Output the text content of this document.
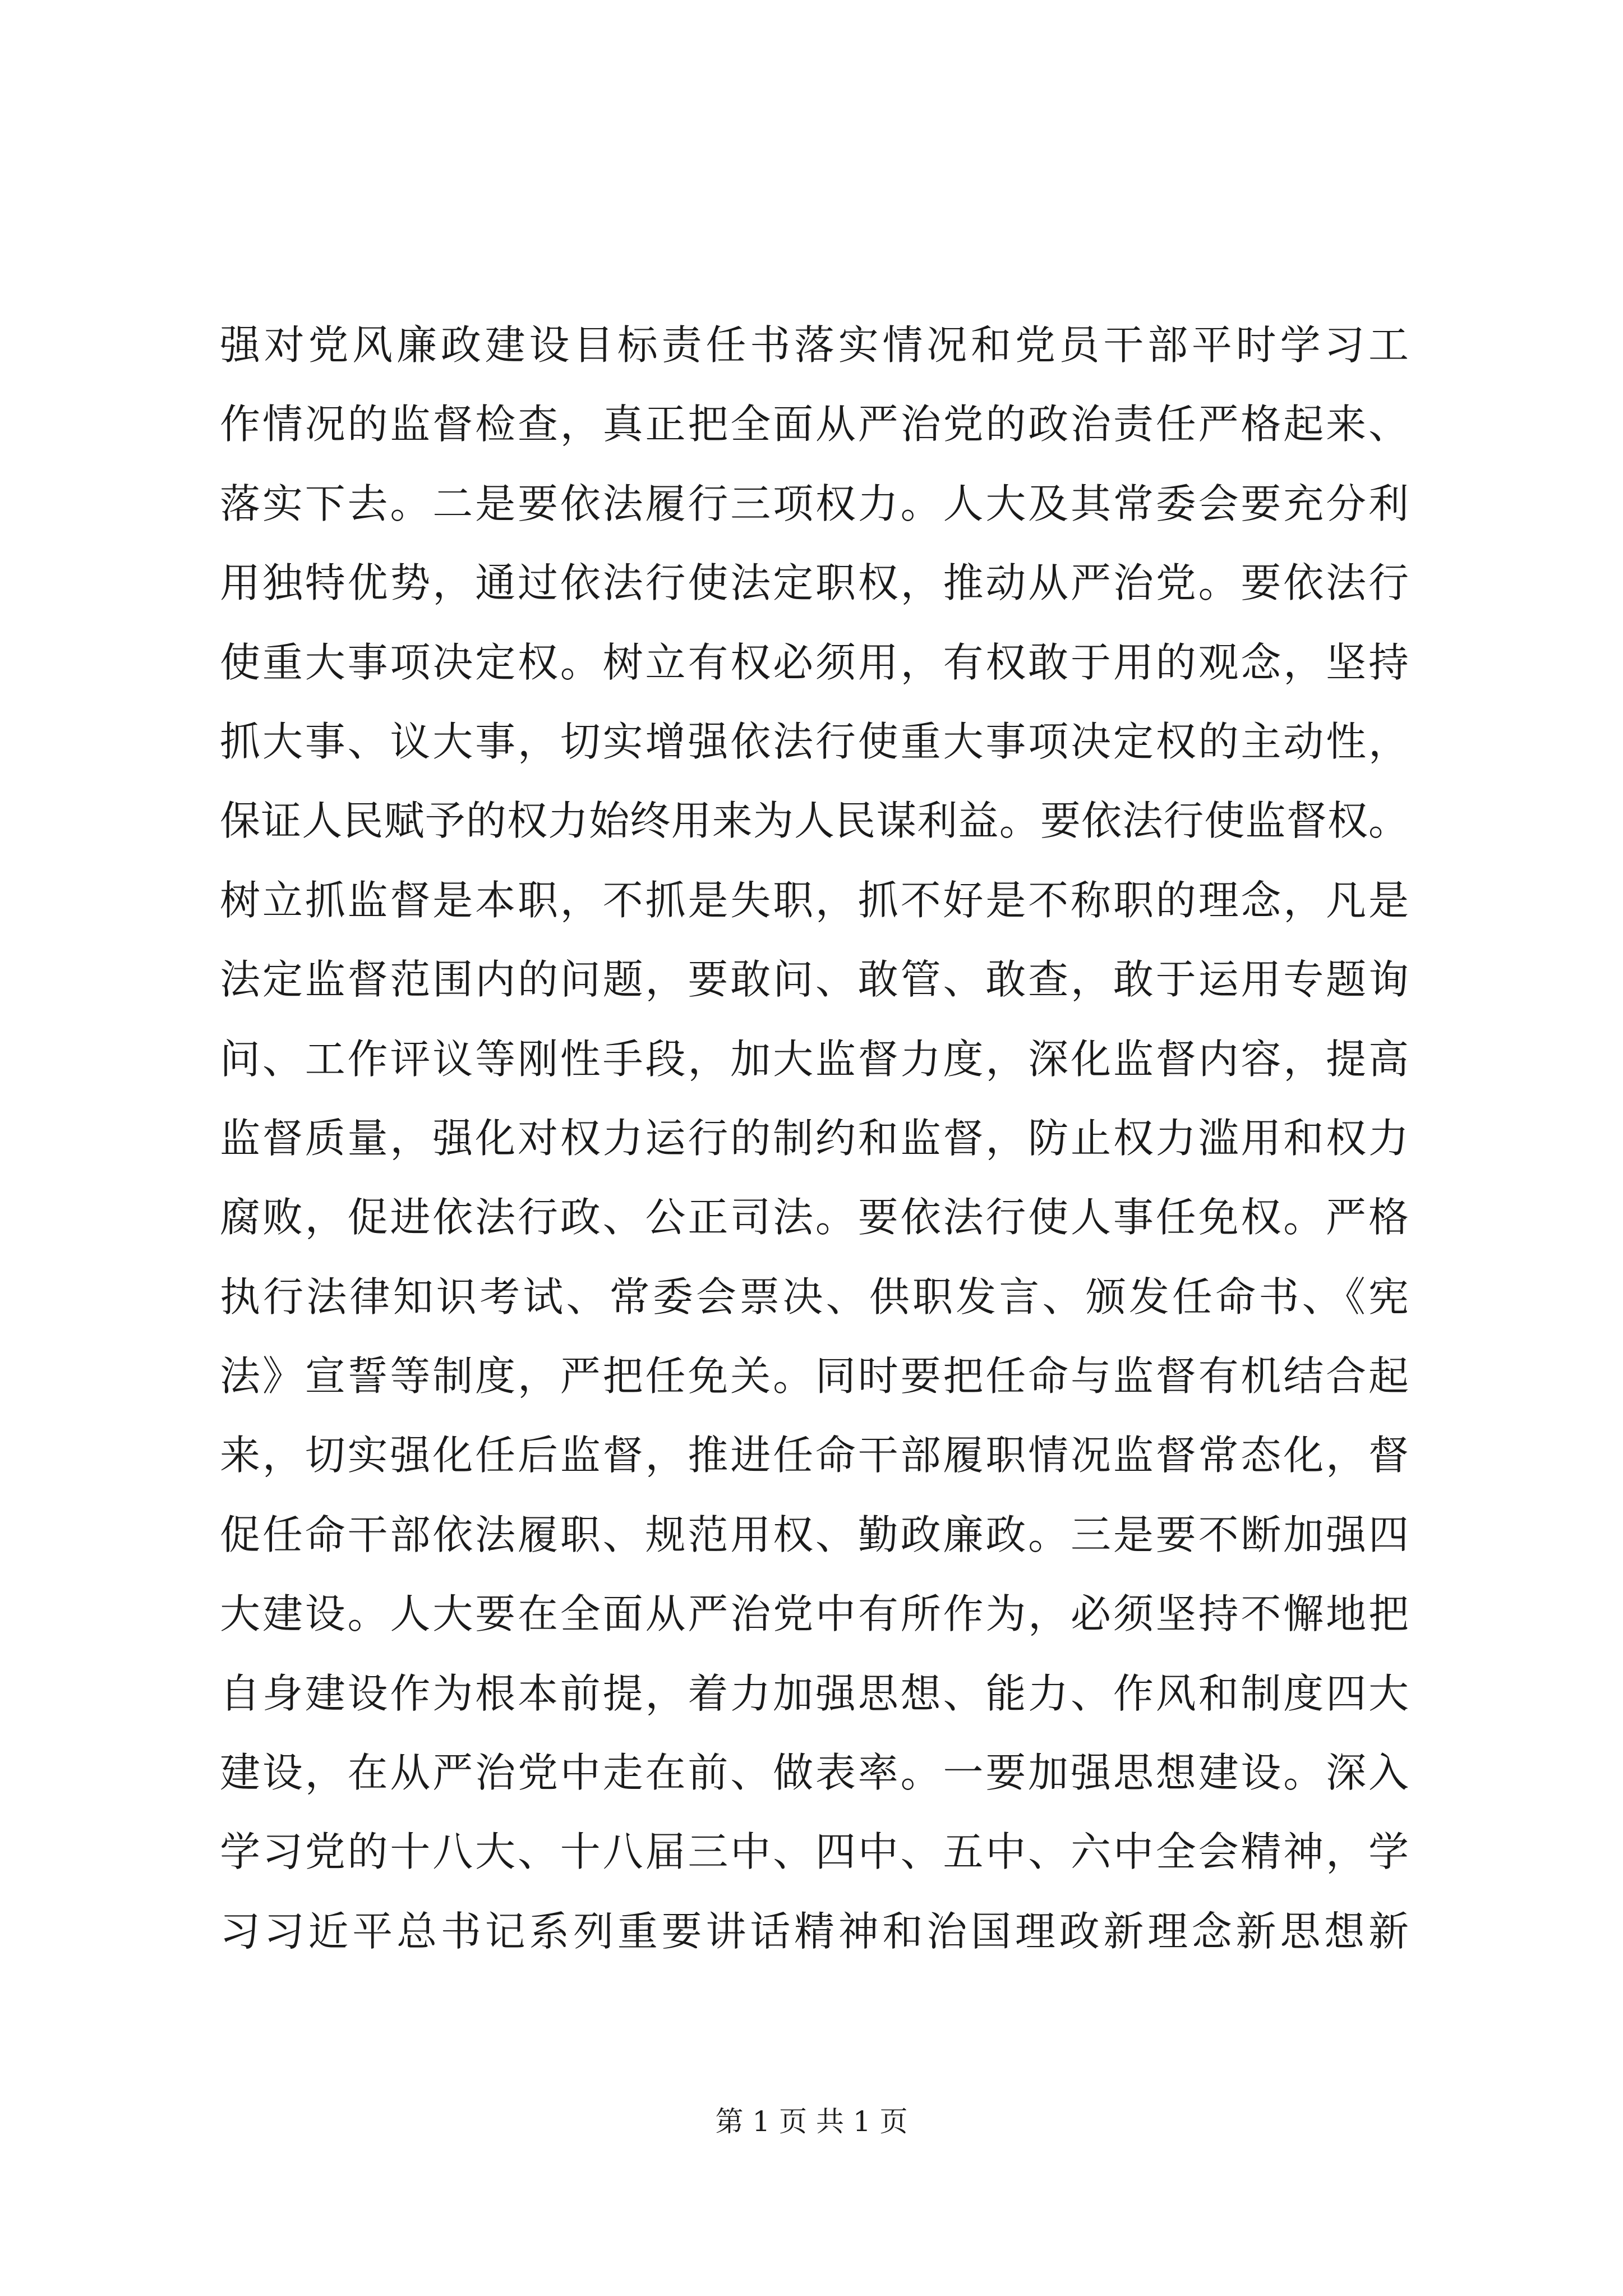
强对党风廉政建设目标责任书落实情况和党员干部平时学习工
作情况的监督检查，真正把全面从严治党的政治责任严格起来、
落实下去。二是要依法履行三项权力。人大及其常委会要充分利
用独特优势，通过依法行使法定职权，推动从严治党。要依法行
使重大事项决定权。树立有权必须用，有权敢于用的观念，坚持
抓大事、议大事，切实增强依法行使重大事项决定权的主动性，
保证人民赋予的权力始终用来为人民谋利益。要依法行使监督权。
树立抓监督是本职，不抓是失职，抓不好是不称职的理念，凡是
法定监督范围内的问题，要敢问、敢管、敢查，敢于运用专题询
问、工作评议等刚性手段，加大监督力度，深化监督内容，提高
监督质量，强化对权力运行的制约和监督，防止权力滥用和权力
腐败，促进依法行政、公正司法。要依法行使人事任免权。严格
执行法律知识考试、常委会票决、供职发言、颁发任命书、《宪
法》宣誓等制度，严把任免关。同时要把任命与监督有机结合起
来，切实强化任后监督，推进任命干部履职情况监督常态化，督
促任命干部依法履职、规范用权、勤政廉政。三是要不断加强四
大建设。人大要在全面从严治党中有所作为，必须坚持不懈地把
自身建设作为根本前提，着力加强思想、能力、作风和制度四大
建设，在从严治党中走在前、做表率。一要加强思想建设。深入
学习党的十八大、十八届三中、四中、五中、六中全会精神，学
习习近平总书记系列重要讲话精神和治国理政新理念新思想新
第 1 页 共 1 页
